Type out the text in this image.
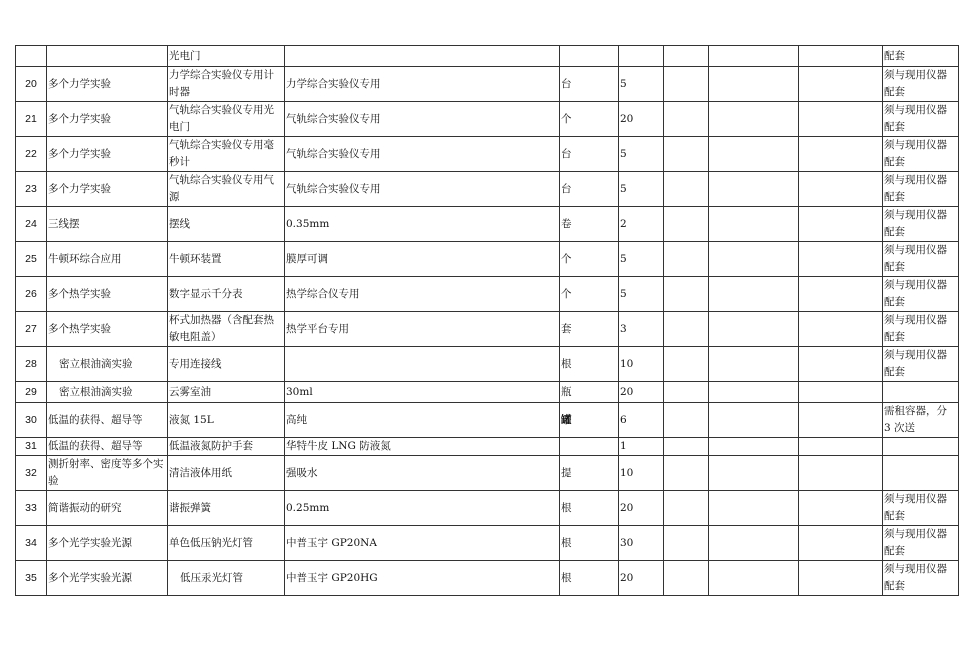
		光电门							配套
20	多个力学实验	力学综合实验仪专用计时器	力学综合实验仪专用	台	5				须与现用仪器配套
21	多个力学实验	气轨综合实验仪专用光电门	气轨综合实验仪专用	个	20				须与现用仪器配套
22	多个力学实验	气轨综合实验仪专用毫秒计	气轨综合实验仪专用	台	5				须与现用仪器配套
23	多个力学实验	气轨综合实验仪专用气源	气轨综合实验仪专用	台	5				须与现用仪器配套
24	三线摆	摆线	0.35mm	卷	2				须与现用仪器配套
25	牛顿环综合应用	牛顿环装置	膜厚可调	个	5				须与现用仪器配套
26	多个热学实验	数字显示千分表	热学综合仪专用	个	5				须与现用仪器配套
27	多个热学实验	杯式加热器（含配套热敏电阻盖）	热学平台专用	套	3				须与现用仪器配套
28	密立根油滴实验	专用连接线		根	10				须与现用仪器配套
29	密立根油滴实验	云雾室油	30ml	瓶	20				
30	低温的获得、超导等	液氮 15L	高纯	罐	6				需租容器，分 3 次送
31	低温的获得、超导等	低温液氮防护手套	华特牛皮 LNG 防液氮		1				
32	测折射率、密度等多个实验	清洁液体用纸	强吸水	提	10				
33	简谐振动的研究	谐振弹簧	0.25mm	根	20				须与现用仪器配套
34	多个光学实验光源	单色低压钠光灯管	中普玉宇 GP20NA	根	30				须与现用仪器配套
35	多个光学实验光源	低压汞光灯管	中普玉宇 GP20HG	根	20				须与现用仪器配套
